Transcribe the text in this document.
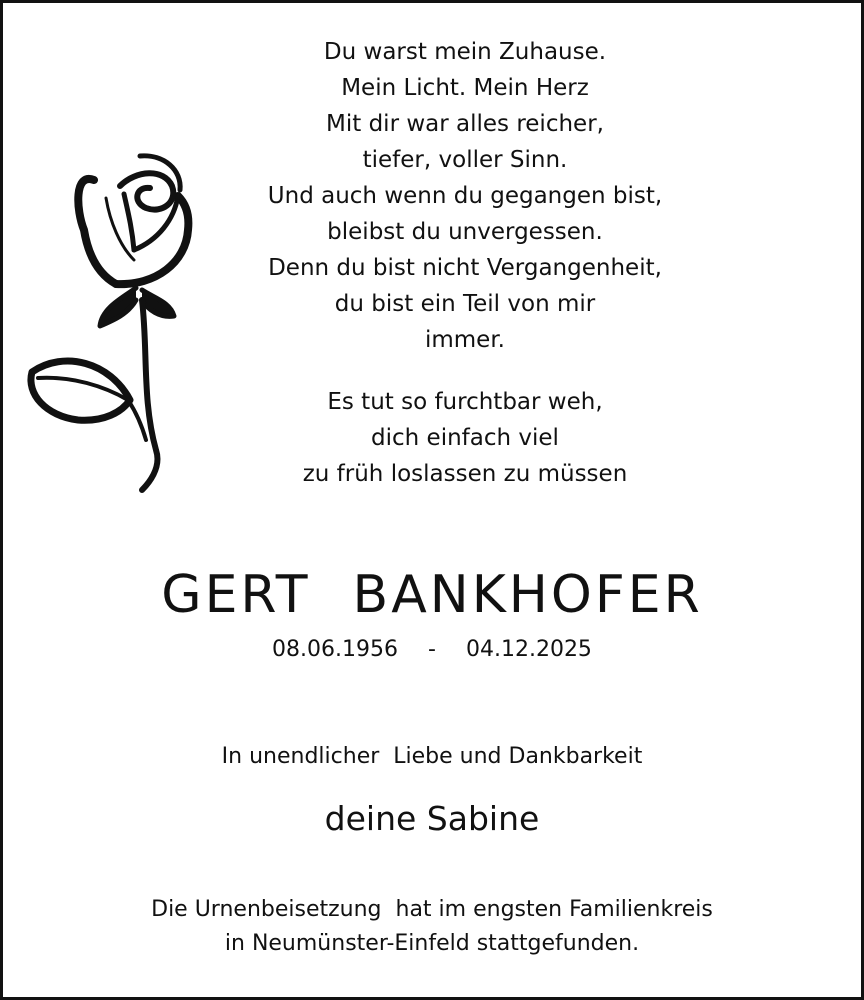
Du warst mein Zuhause.
Mein Licht. Mein Herz
Mit dir war alles reicher,
tiefer, voller Sinn.
Und auch wenn du gegangen bist,
bleibst du unvergessen.
Denn du bist nicht Vergangenheit,
du bist ein Teil von mir
immer.
Es tut so furchtbar weh,
dich einfach viel
zu früh loslassen zu müssen
GERT BANKHOFER
08.06.1956 - 04.12.2025
In unendlicher  Liebe und Dankbarkeit
deine Sabine
Die Urnenbeisetzung  hat im engsten Familienkreis
in Neumünster-Einfeld stattgefunden.
